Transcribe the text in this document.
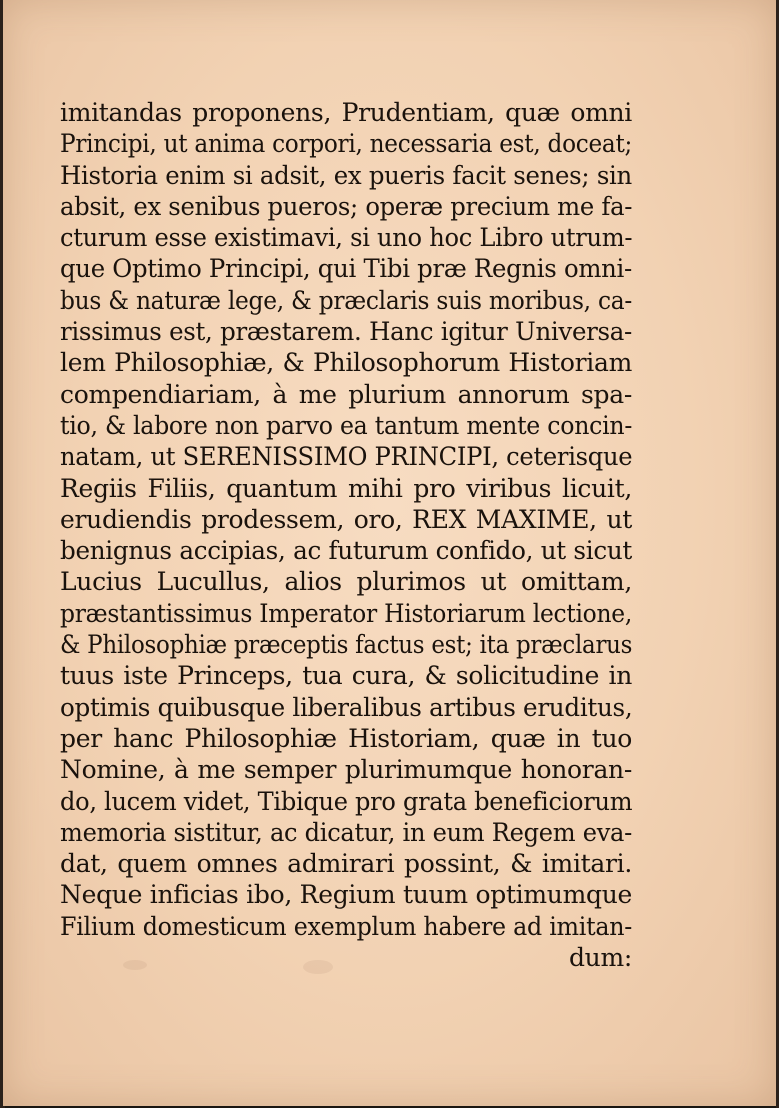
imitandas proponens, Prudentiam, quæ omni
Principi, ut anima corpori, necessaria est, doceat;
Historia enim si adsit, ex pueris facit senes; sin
absit, ex senibus pueros; operæ precium me fa-
cturum esse existimavi, si uno hoc Libro utrum-
que Optimo Principi, qui Tibi præ Regnis omni-
bus & naturæ lege, & præclaris suis moribus, ca-
rissimus est, præstarem. Hanc igitur Universa-
lem Philosophiæ, & Philosophorum Historiam
compendiariam, à me plurium annorum spa-
tio, & labore non parvo ea tantum mente concin-
natam, ut SERENISSIMO PRINCIPI, ceterisque
Regiis Filiis, quantum mihi pro viribus licuit,
erudiendis prodessem, oro, REX MAXIME, ut
benignus accipias, ac futurum confido, ut sicut
Lucius Lucullus, alios plurimos ut omittam,
præstantissimus Imperator Historiarum lectione,
& Philosophiæ præceptis factus est; ita præclarus
tuus iste Princeps, tua cura, & solicitudine in
optimis quibusque liberalibus artibus eruditus,
per hanc Philosophiæ Historiam, quæ in tuo
Nomine, à me semper plurimumque honoran-
do, lucem videt, Tibique pro grata beneficiorum
memoria sistitur, ac dicatur, in eum Regem eva-
dat, quem omnes admirari possint, & imitari.
Neque inficias ibo, Regium tuum optimumque
Filium domesticum exemplum habere ad imitan-
dum:
